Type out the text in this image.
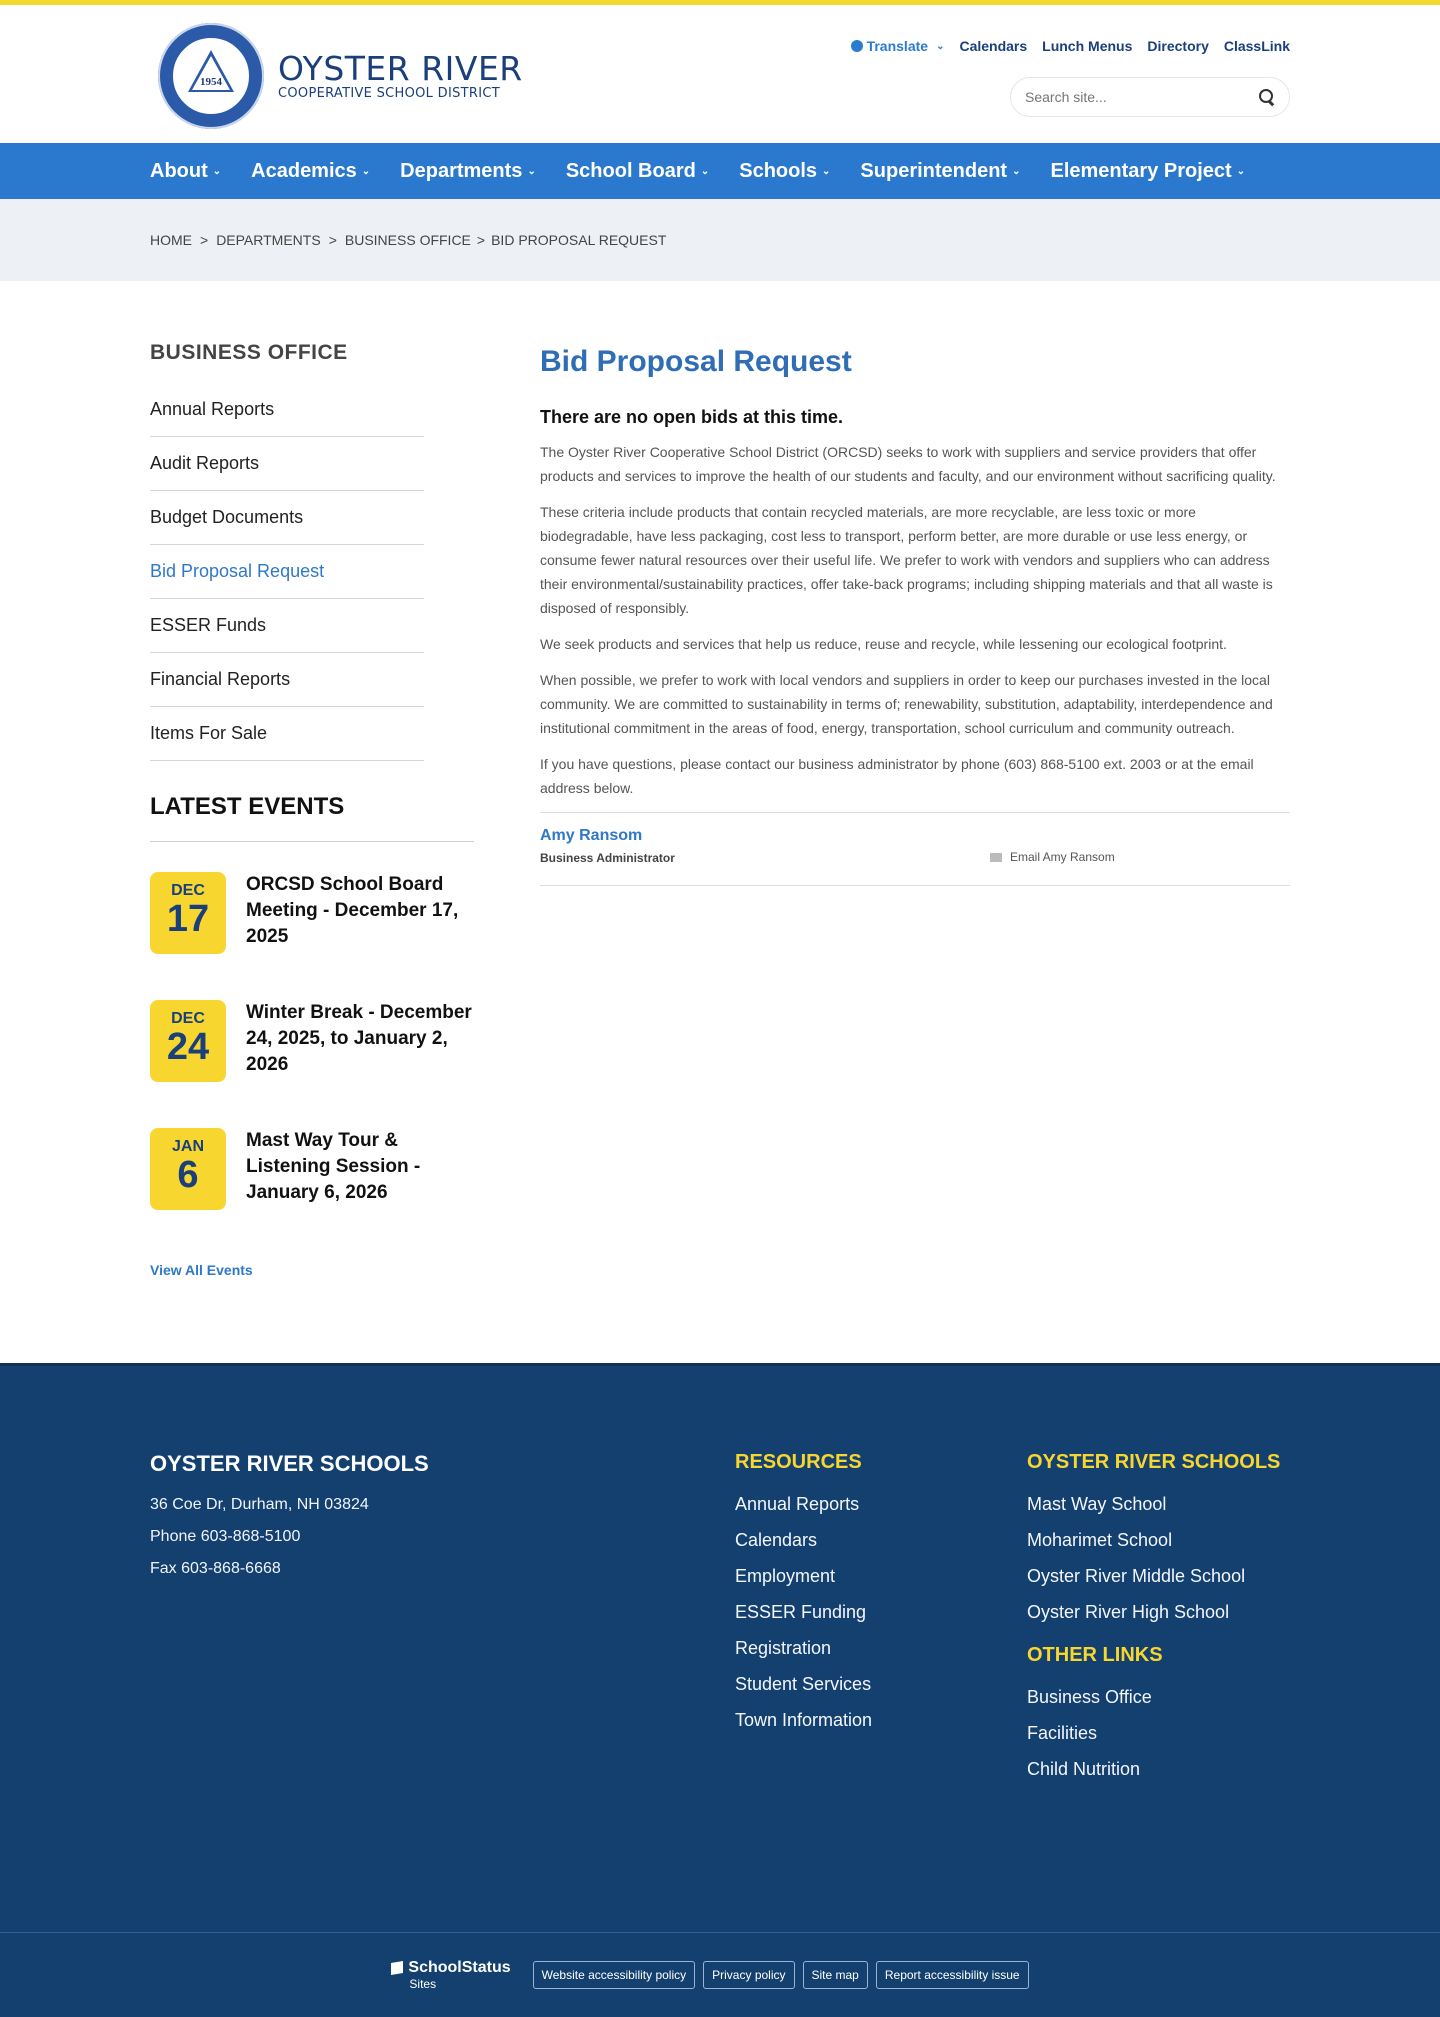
1954	OYSTER RIVER
COOPERATIVE SCHOOL DISTRICT
Translate ⌄ Calendars Lunch Menus Directory ClassLink
Search site...
About ⌄ Academics ⌄ Departments ⌄ School Board ⌄ Schools ⌄ Superintendent ⌄ Elementary Project ⌄
HOME > DEPARTMENTS > BUSINESS OFFICE > BID PROPOSAL REQUEST
BUSINESS OFFICE
Annual Reports
Audit Reports
Budget Documents
Bid Proposal Request
ESSER Funds
Financial Reports
Items For Sale
LATEST EVENTS
DEC
17
ORCSD School Board Meeting - December 17, 2025
DEC
24
Winter Break - December 24, 2025, to January 2, 2026
JAN
6
Mast Way Tour & Listening Session - January 6, 2026
View All Events
Bid Proposal Request
There are no open bids at this time.

The Oyster River Cooperative School District (ORCSD) seeks to work with suppliers and service providers that offer products and services to improve the health of our students and faculty, and our environment without sacrificing quality.

These criteria include products that contain recycled materials, are more recyclable, are less toxic or more biodegradable, have less packaging, cost less to transport, perform better, are more durable or use less energy, or consume fewer natural resources over their useful life. We prefer to work with vendors and suppliers who can address their environmental/sustainability practices, offer take-back programs; including shipping materials and that all waste is disposed of responsibly.

We seek products and services that help us reduce, reuse and recycle, while lessening our ecological footprint.

When possible, we prefer to work with local vendors and suppliers in order to keep our purchases invested in the local community. We are committed to sustainability in terms of; renewability, substitution, adaptability, interdependence and institutional commitment in the areas of food, energy, transportation, school curriculum and community outreach.

If you have questions, please contact our business administrator by phone (603) 868-5100 ext. 2003 or at the email address below.

Amy Ransom
Business Administrator	Email Amy Ransom
OYSTER RIVER SCHOOLS
36 Coe Dr, Durham, NH 03824
Phone 603-868-5100
Fax 603-868-6668
RESOURCES
Annual Reports
Calendars
Employment
ESSER Funding
Registration
Student Services
Town Information
OYSTER RIVER SCHOOLS
Mast Way School
Moharimet School
Oyster River Middle School
Oyster River High School
OTHER LINKS
Business Office
Facilities
Child Nutrition
SchoolStatus
Sites
Website accessibility policy	Privacy policy	Site map	Report accessibility issue
